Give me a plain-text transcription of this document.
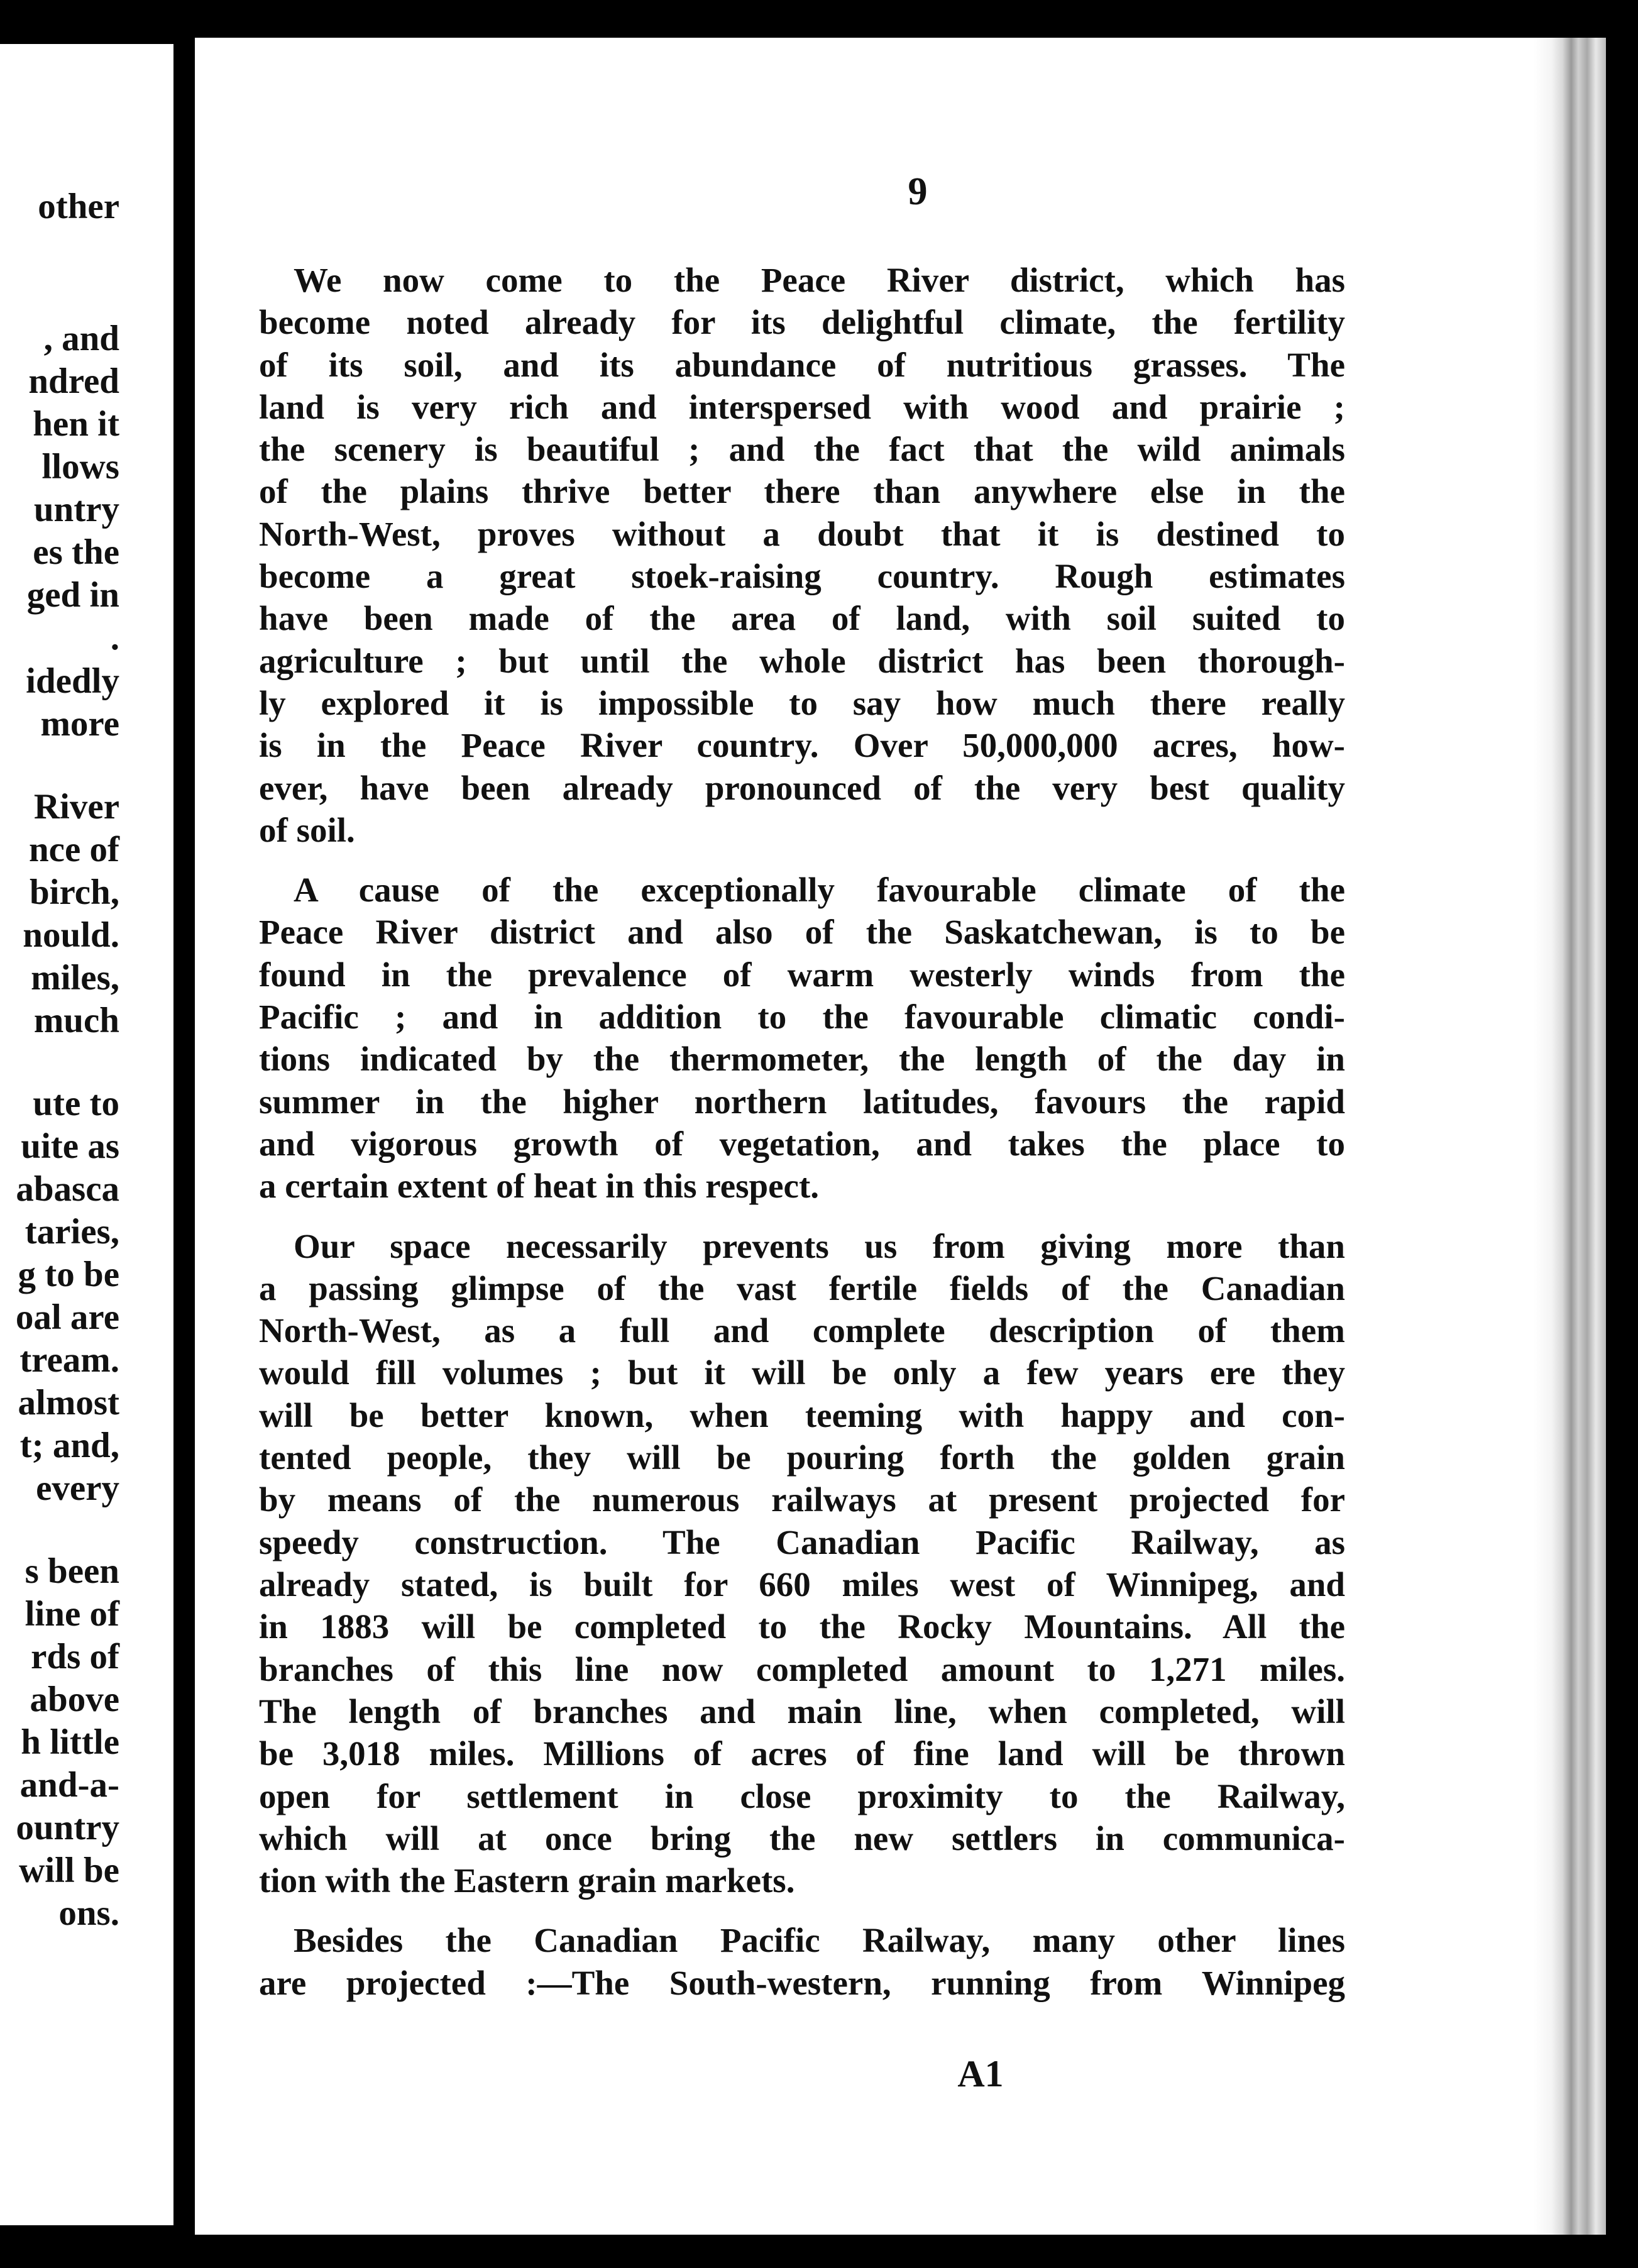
other
, and
ndred
hen it
llows
untry
es the
ged in
.
idedly
more
River
nce of
birch,
nould.
miles,
much
ute to
uite as
abasca
taries,
g to be
oal are
tream.
almost
t; and,
every
s been
line of
rds of
above
h little
and-a-
ountry
will be
ons.
9
A1
We now come to the Peace River district, which has
become noted already for its delightful climate, the fertility
of its soil, and its abundance of nutritious grasses. The
land is very rich and interspersed with wood and prairie ;
the scenery is beautiful ; and the fact that the wild animals
of the plains thrive better there than anywhere else in the
North-West, proves without a doubt that it is destined to
become a great stoek-raising country. Rough estimates
have been made of the area of land, with soil suited to
agriculture ; but until the whole district has been thorough-
ly explored it is impossible to say how much there really
is in the Peace River country. Over 50,000,000 acres, how-
ever, have been already pronounced of the very best quality
of soil.
A cause of the exceptionally favourable climate of the
Peace River district and also of the Saskatchewan, is to be
found in the prevalence of warm westerly winds from the
Pacific ; and in addition to the favourable climatic condi-
tions indicated by the thermometer, the length of the day in
summer in the higher northern latitudes, favours the rapid
and vigorous growth of vegetation, and takes the place to
a certain extent of heat in this respect.
Our space necessarily prevents us from giving more than
a passing glimpse of the vast fertile fields of the Canadian
North-West, as a full and complete description of them
would fill volumes ; but it will be only a few years ere they
will be better known, when teeming with happy and con-
tented people, they will be pouring forth the golden grain
by means of the numerous railways at present projected for
speedy construction. The Canadian Pacific Railway, as
already stated, is built for 660 miles west of Winnipeg, and
in 1883 will be completed to the Rocky Mountains. All the
branches of this line now completed amount to 1,271 miles.
The length of branches and main line, when completed, will
be 3,018 miles. Millions of acres of fine land will be thrown
open for settlement in close proximity to the Railway,
which will at once bring the new settlers in communica-
tion with the Eastern grain markets.
Besides the Canadian Pacific Railway, many other lines
are projected :—The South-western, running from Winnipeg
